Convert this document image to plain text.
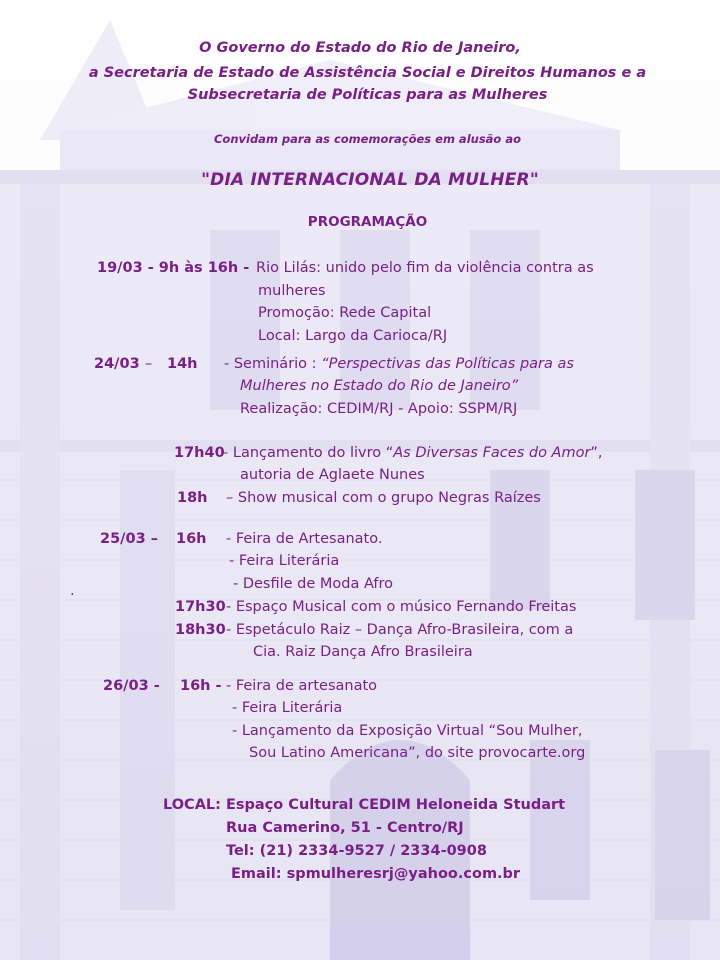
O Governo do Estado do Rio de Janeiro,
a Secretaria de Estado de Assistência Social e Direitos Humanos e a
Subsecretaria de Políticas para as Mulheres
Convidam para as comemorações em alusão ao
"DIA INTERNACIONAL DA MULHER"
PROGRAMAÇÃO
19/03 - 9h às 16h - Rio Lilás: unido pelo fim da violência contra as
mulheres
Promoção: Rede Capital
Local: Largo da Carioca/RJ
24/03 – 14h - Seminário : “Perspectivas das Políticas para as
Mulheres no Estado do Rio de Janeiro”
Realização: CEDIM/RJ - Apoio: SSPM/RJ
17h40
– Lançamento do livro “As Diversas Faces do Amor”,
autoria de Aglaete Nunes
18h – Show musical com o grupo Negras Raízes
25/03 – 16h - Feira de Artesanato.
- Feira Literária
- Desfile de Moda Afro
.
17h30 - Espaço Musical com o músico Fernando Freitas
18h30 - Espetáculo Raiz – Dança Afro-Brasileira, com a
Cia. Raiz Dança Afro Brasileira
26/03 - 16h - - Feira de artesanato
- Feira Literária
- Lançamento da Exposição Virtual “Sou Mulher,
Sou Latino Americana”, do site provocarte.org
LOCAL: Espaço Cultural CEDIM Heloneida Studart
Rua Camerino, 51 - Centro/RJ
Tel: (21) 2334-9527 / 2334-0908
Email: spmulheresrj@yahoo.com.br
